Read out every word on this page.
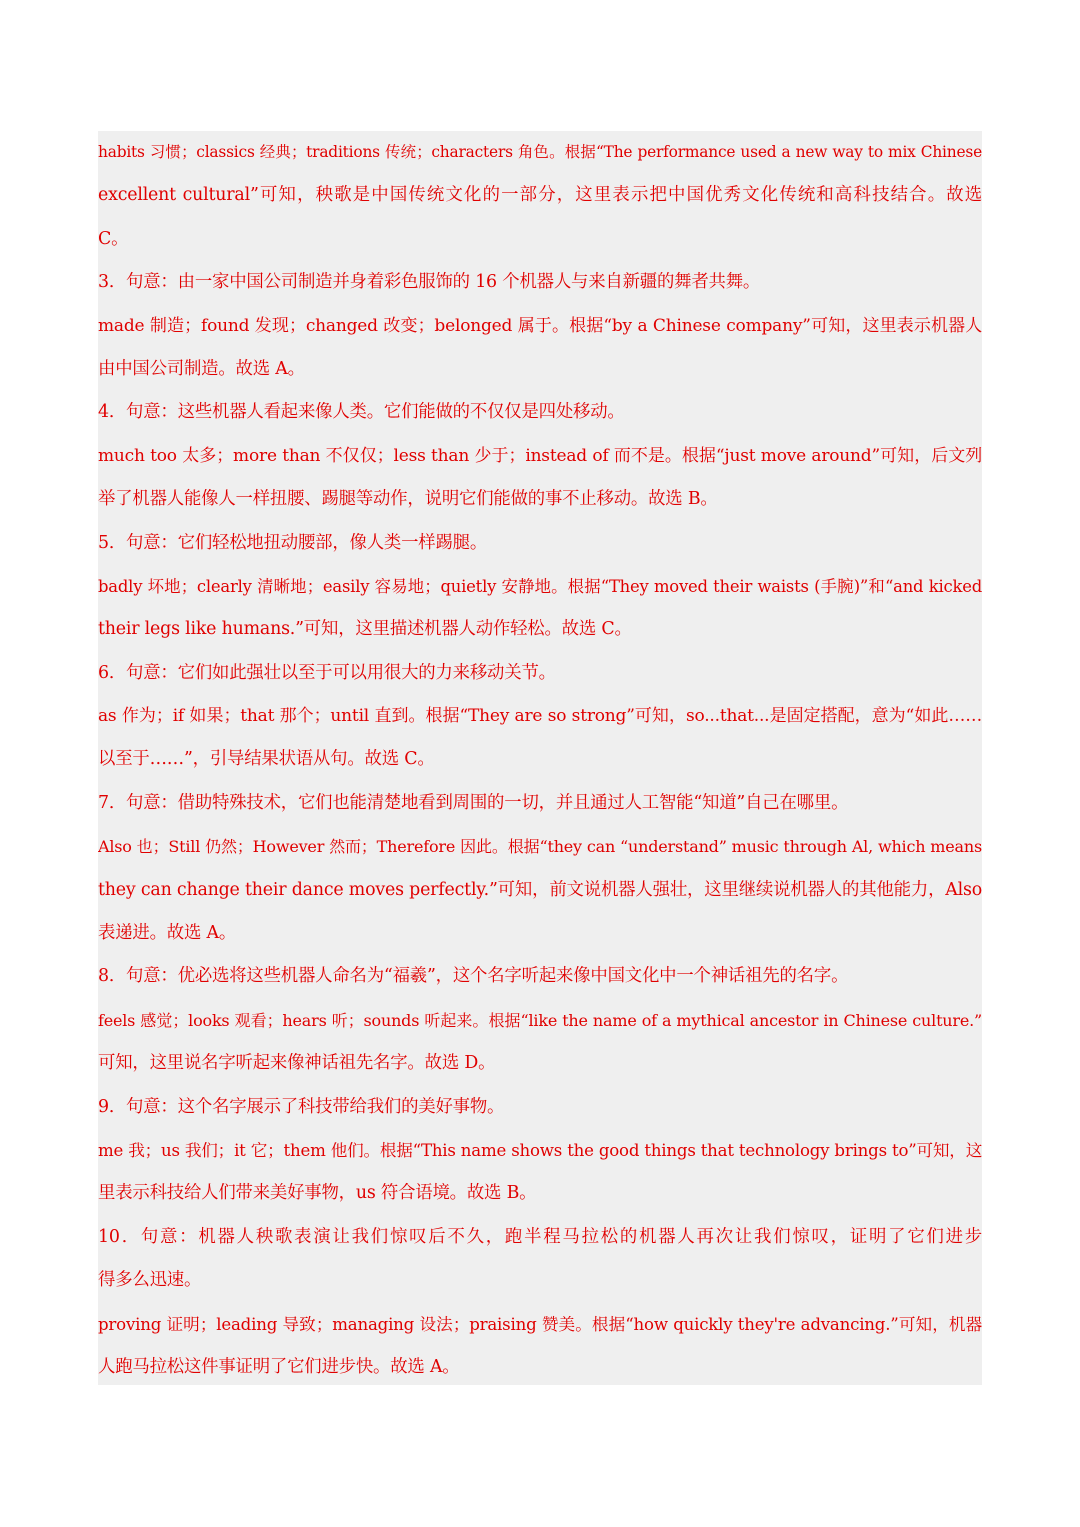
habits 习惯；classics 经典；traditions 传统；characters 角色。根据“The performance used a new way to mix Chinese
excellent cultural”可知，秧歌是中国传统文化的一部分，这里表示把中国优秀文化传统和高科技结合。故选
C。
3．句意：由一家中国公司制造并身着彩色服饰的 16 个机器人与来自新疆的舞者共舞。
made 制造；found 发现；changed 改变；belonged 属于。根据“by a Chinese company”可知，这里表示机器人
由中国公司制造。故选 A。
4．句意：这些机器人看起来像人类。它们能做的不仅仅是四处移动。
much too 太多；more than 不仅仅；less than 少于；instead of 而不是。根据“just move around”可知，后文列
举了机器人能像人一样扭腰、踢腿等动作，说明它们能做的事不止移动。故选 B。
5．句意：它们轻松地扭动腰部，像人类一样踢腿。
badly 坏地；clearly 清晰地；easily 容易地；quietly 安静地。根据“They moved their waists (手腕)”和“and kicked
their legs like humans.”可知，这里描述机器人动作轻松。故选 C。
6．句意：它们如此强壮以至于可以用很大的力来移动关节。
as 作为；if 如果；that 那个；until 直到。根据“They are so strong”可知，so...that...是固定搭配，意为“如此……
以至于……”，引导结果状语从句。故选 C。
7．句意：借助特殊技术，它们也能清楚地看到周围的一切，并且通过人工智能“知道”自己在哪里。
Also 也；Still 仍然；However 然而；Therefore 因此。根据“they can “understand” music through Al, which means
they can change their dance moves perfectly.”可知，前文说机器人强壮，这里继续说机器人的其他能力，Also
表递进。故选 A。
8．句意：优必选将这些机器人命名为“福羲”，这个名字听起来像中国文化中一个神话祖先的名字。
feels 感觉；looks 观看；hears 听；sounds 听起来。根据“like the name of a mythical ancestor in Chinese culture.”
可知，这里说名字听起来像神话祖先名字。故选 D。
9．句意：这个名字展示了科技带给我们的美好事物。
me 我；us 我们；it 它；them 他们。根据“This name shows the good things that technology brings to”可知，这
里表示科技给人们带来美好事物，us 符合语境。故选 B。
10．句意：机器人秧歌表演让我们惊叹后不久，跑半程马拉松的机器人再次让我们惊叹，证明了它们进步
得多么迅速。
proving 证明；leading 导致；managing 设法；praising 赞美。根据“how quickly they're advancing.”可知，机器
人跑马拉松这件事证明了它们进步快。故选 A。
